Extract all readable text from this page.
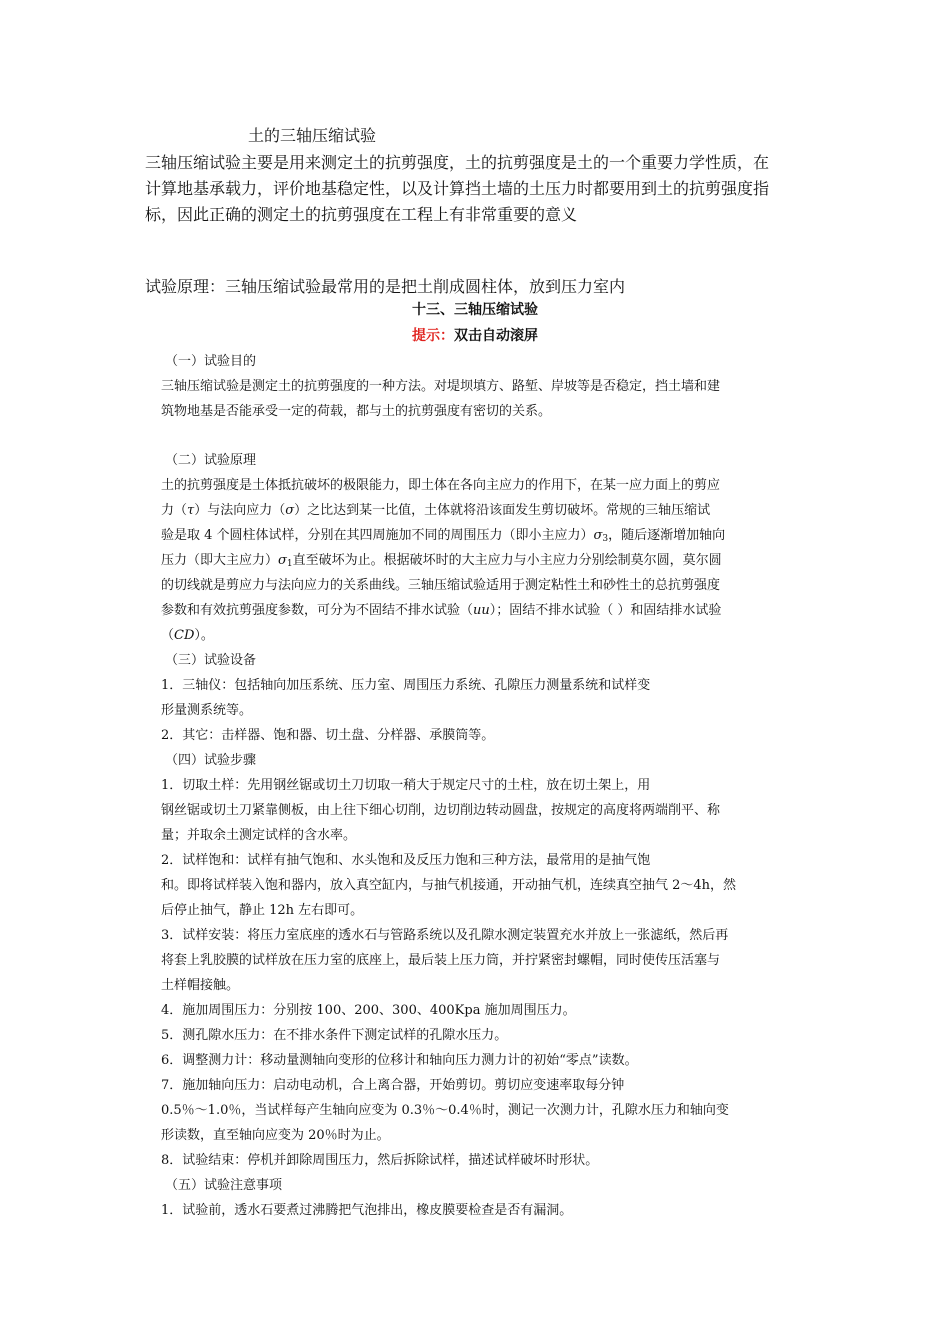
土的三轴压缩试验

三轴压缩试验主要是用来测定土的抗剪强度，土的抗剪强度是土的一个重要力学性质，在

计算地基承载力，评价地基稳定性，以及计算挡土墙的土压力时都要用到土的抗剪强度指

标，因此正确的测定土的抗剪强度在工程上有非常重要的意义

试验原理：三轴压缩试验最常用的是把土削成圆柱体，放到压力室内
十三、三轴压缩试验
提示：双击自动滚屏
（一）试验目的
三轴压缩试验是测定土的抗剪强度的一种方法。对堤坝填方、路堑、岸坡等是否稳定，挡土墙和建
筑物地基是否能承受一定的荷载，都与土的抗剪强度有密切的关系。
（二）试验原理
土的抗剪强度是土体抵抗破坏的极限能力，即土体在各向主应力的作用下，在某一应力面上的剪应
力（τ）与法向应力（σ）之比达到某一比值，土体就将沿该面发生剪切破坏。常规的三轴压缩试
验是取 4 个圆柱体试样，分别在其四周施加不同的周围压力（即小主应力）$\sigma_3$，随后逐渐增加轴向
压力（即大主应力）$\sigma_1$直至破坏为止。根据破坏时的大主应力与小主应力分别绘制莫尔圆，莫尔圆
的切线就是剪应力与法向应力的关系曲线。三轴压缩试验适用于测定粘性土和砂性土的总抗剪强度
参数和有效抗剪强度参数，可分为不固结不排水试验（uu）；固结不排水试验（ ）和固结排水试验
（CD）。
（三）试验设备
1．三轴仪：包括轴向加压系统、压力室、周围压力系统、孔隙压力测量系统和试样变
形量测系统等。
2．其它：击样器、饱和器、切土盘、分样器、承膜筒等。
（四）试验步骤
1．切取土样：先用钢丝锯或切土刀切取一稍大于规定尺寸的土柱，放在切土架上，用
钢丝锯或切土刀紧靠侧板，由上往下细心切削，边切削边转动圆盘，按规定的高度将两端削平、称
量；并取余土测定试样的含水率。
2．试样饱和：试样有抽气饱和、水头饱和及反压力饱和三种方法，最常用的是抽气饱
和。即将试样装入饱和器内，放入真空缸内，与抽气机接通，开动抽气机，连续真空抽气 2～4h，然
后停止抽气，静止 12h 左右即可。
3．试样安装：将压力室底座的透水石与管路系统以及孔隙水测定装置充水并放上一张滤纸，然后再
将套上乳胶膜的试样放在压力室的底座上，最后装上压力筒，并拧紧密封螺帽，同时使传压活塞与
土样帽接触。
4．施加周围压力：分别按 100、200、300、400Kpa 施加周围压力。
5．测孔隙水压力：在不排水条件下测定试样的孔隙水压力。
6．调整测力计：移动量测轴向变形的位移计和轴向压力测力计的初始“零点”读数。
7．施加轴向压力：启动电动机，合上离合器，开始剪切。剪切应变速率取每分钟
0.5％～1.0％，当试样每产生轴向应变为 0.3％～0.4％时，测记一次测力计，孔隙水压力和轴向变
形读数，直至轴向应变为 20％时为止。
8．试验结束：停机并卸除周围压力，然后拆除试样，描述试样破坏时形状。
（五）试验注意事项
1．试验前，透水石要煮过沸腾把气泡排出，橡皮膜要检查是否有漏洞。
